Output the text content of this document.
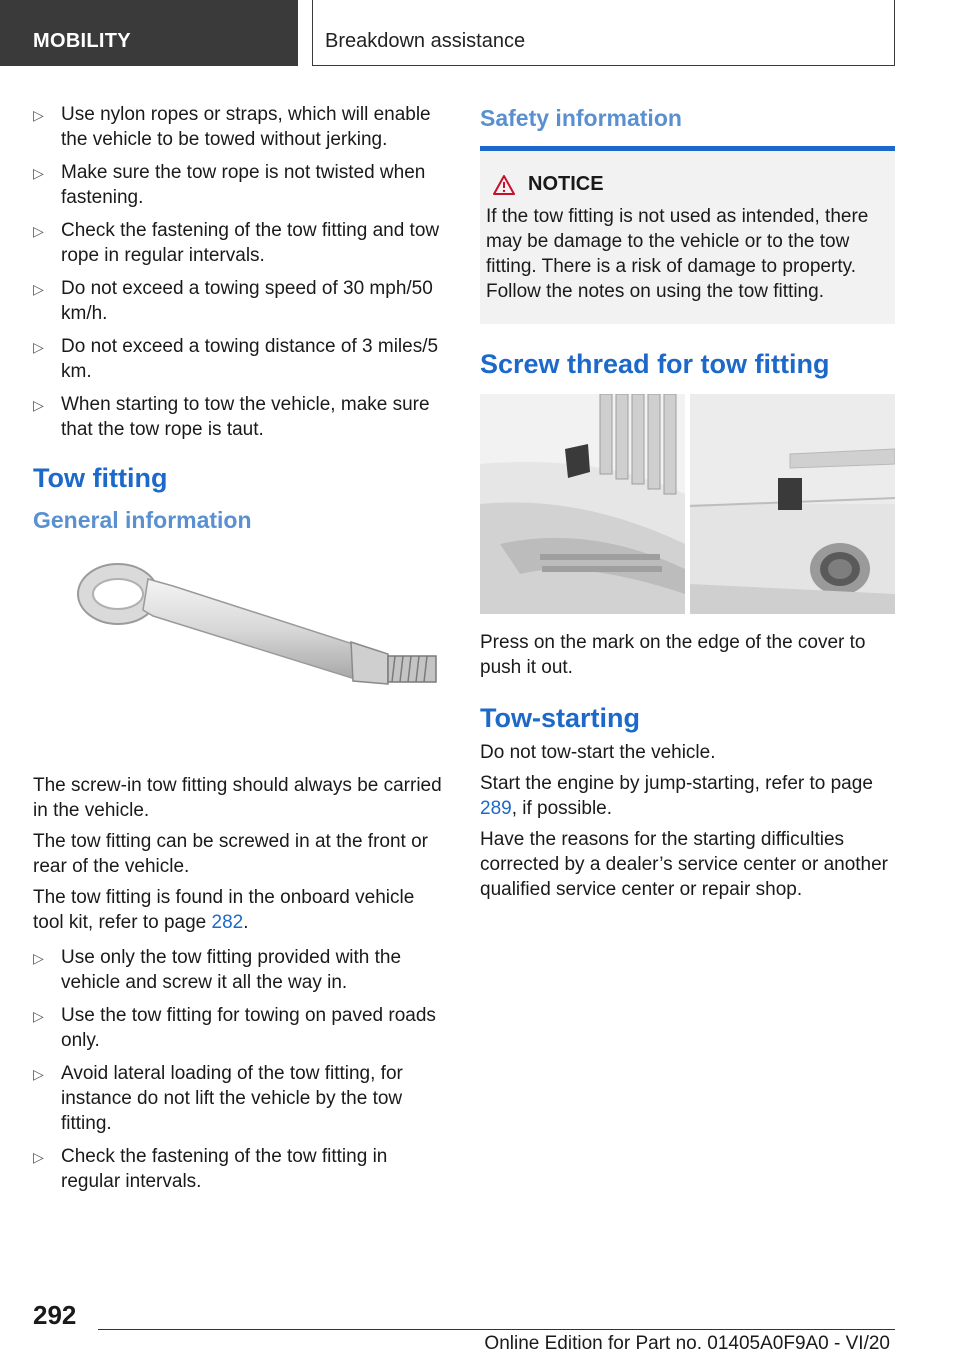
MOBILITY	Breakdown assistance
▷ Use nylon ropes or straps, which will enable the vehicle to be towed without jerking.
▷ Make sure the tow rope is not twisted when fastening.
▷ Check the fastening of the tow fitting and tow rope in regular intervals.
▷ Do not exceed a towing speed of 30 mph/50 km/h.
▷ Do not exceed a towing distance of 3 miles/5 km.
▷ When starting to tow the vehicle, make sure that the tow rope is taut.
Tow fitting
General information

The screw-in tow fitting should always be carried in the vehicle.

The tow fitting can be screwed in at the front or rear of the vehicle.

The tow fitting is found in the onboard vehicle tool kit, refer to page 282.

▷ Use only the tow fitting provided with the vehicle and screw it all the way in.
▷ Use the tow fitting for towing on paved roads only.
▷ Avoid lateral loading of the tow fitting, for instance do not lift the vehicle by the tow fitting.
▷ Check the fastening of the tow fitting in regular intervals.
Safety information
NOTICE
If the tow fitting is not used as intended, there may be damage to the vehicle or to the tow fitting. There is a risk of damage to property. Follow the notes on using the tow fitting.
Screw thread for tow fitting

Press on the mark on the edge of the cover to push it out.

Tow-starting

Do not tow-start the vehicle.

Start the engine by jump-starting, refer to page 289, if possible.

Have the reasons for the starting difficulties corrected by a dealer’s service center or another qualified service center or repair shop.

292
Online Edition for Part no. 01405A0F9A0 - VI/20
